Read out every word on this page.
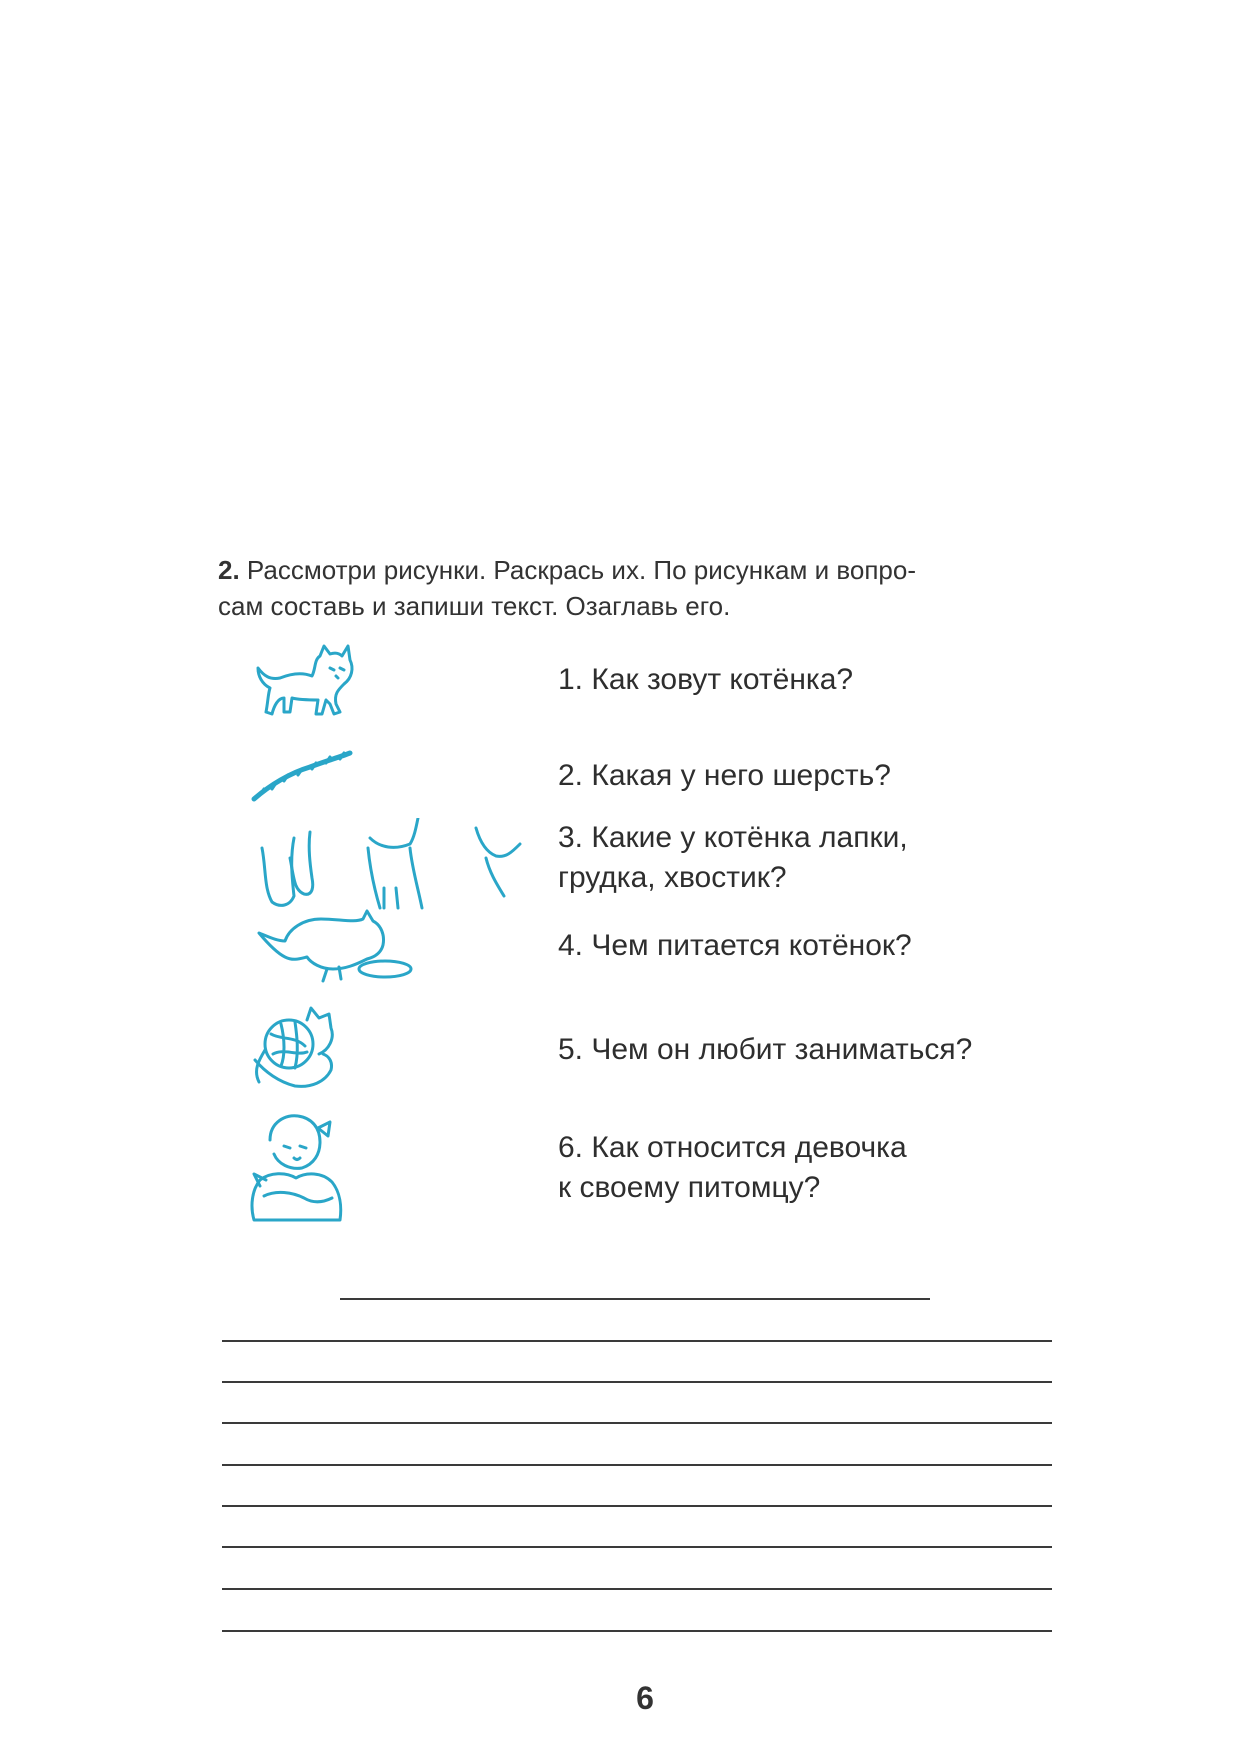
2. Рассмотри рисунки. Раскрась их. По рисункам и вопро-
сам составь и запиши текст. Озаглавь его.
1. Как зовут котёнка?
2. Какая у него шерсть?
3. Какие у котёнка лапки,
грудка, хвостик?
4. Чем питается котёнок?
5. Чем он любит заниматься?
6. Как относится девочка
к своему питомцу?
6
